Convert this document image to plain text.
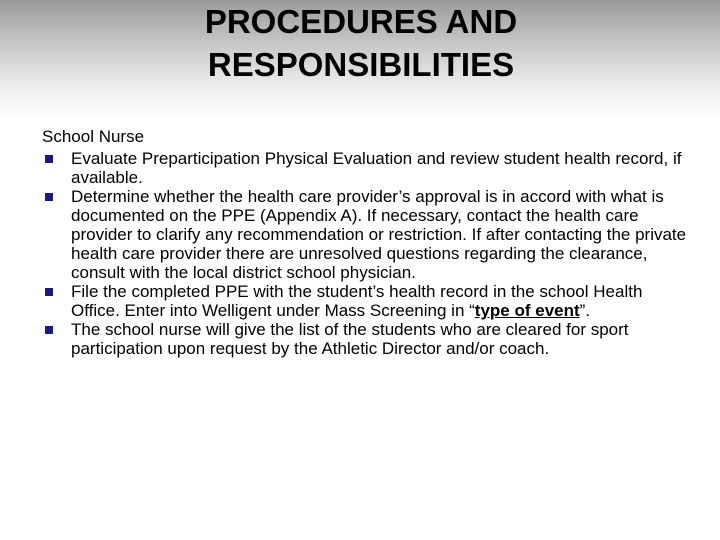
PROCEDURES AND
RESPONSIBILITIES
School Nurse
Evaluate Preparticipation Physical Evaluation and review student health record, if available.
Determine whether the health care provider’s approval is in accord with what is documented on the PPE (Appendix A). If necessary, contact the health care provider to clarify any recommendation or restriction. If after contacting the private health care provider there are unresolved questions regarding the clearance, consult with the local district school physician.
File the completed PPE with the student’s health record in the school Health Office. Enter into Welligent under Mass Screening in “type of event”.
The school nurse will give the list of the students who are cleared for sport participation upon request by the Athletic Director and/or coach.
